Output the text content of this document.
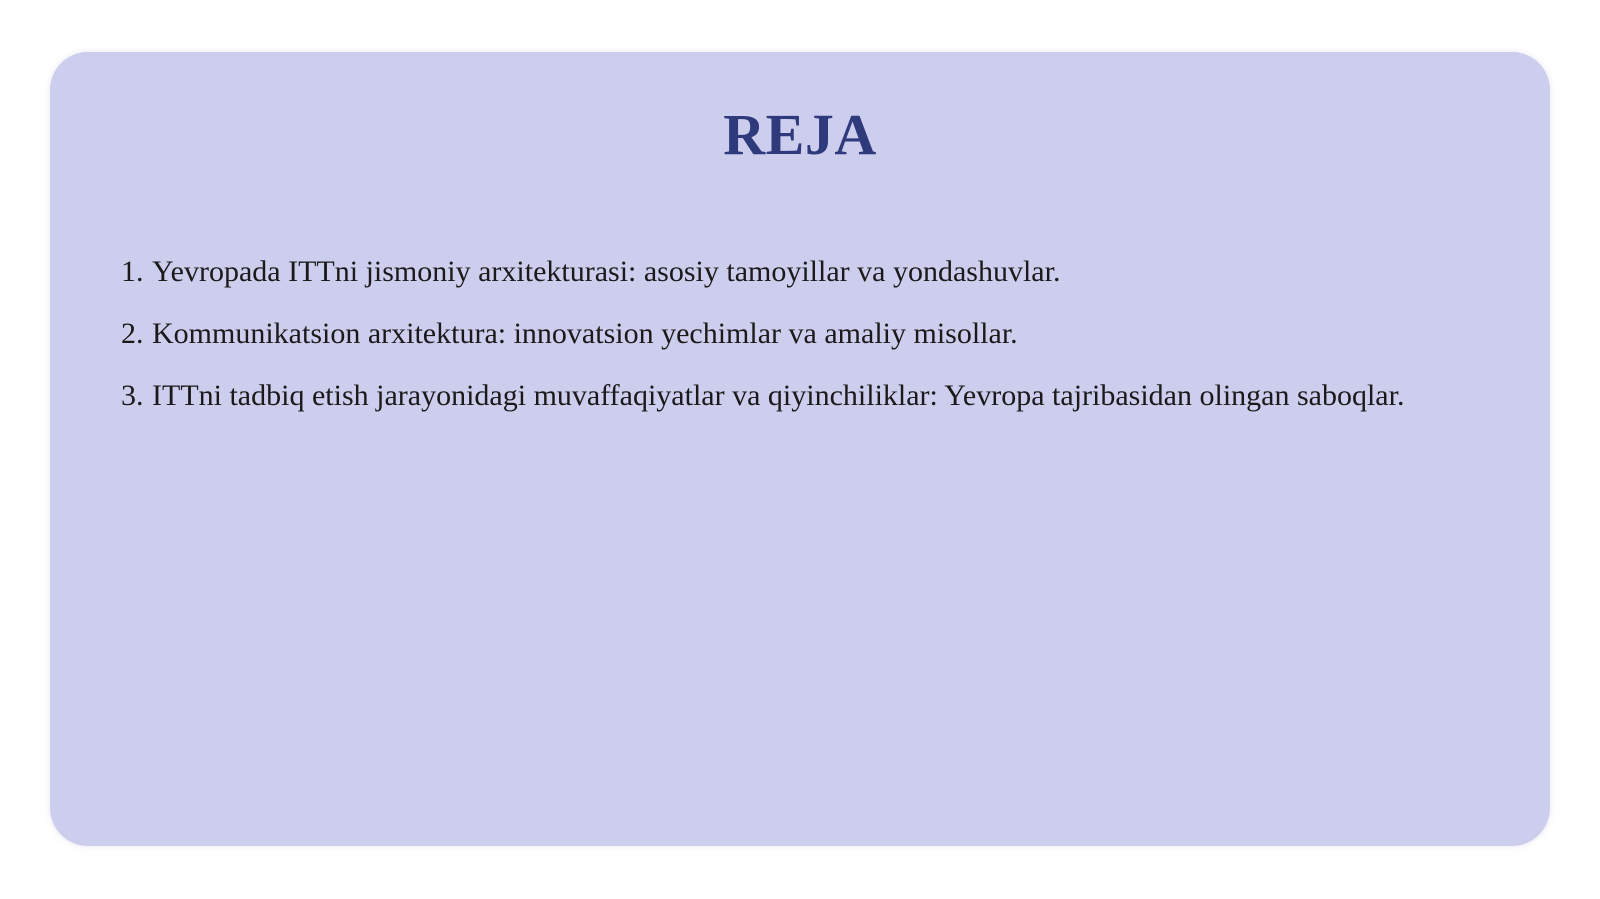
REJA
1. Yevropada ITTni jismoniy arxitekturasi: asosiy tamoyillar va yondashuvlar.
2. Kommunikatsion arxitektura: innovatsion yechimlar va amaliy misollar.
3. ITTni tadbiq etish jarayonidagi muvaffaqiyatlar va qiyinchiliklar: Yevropa tajribasidan olingan saboqlar.
